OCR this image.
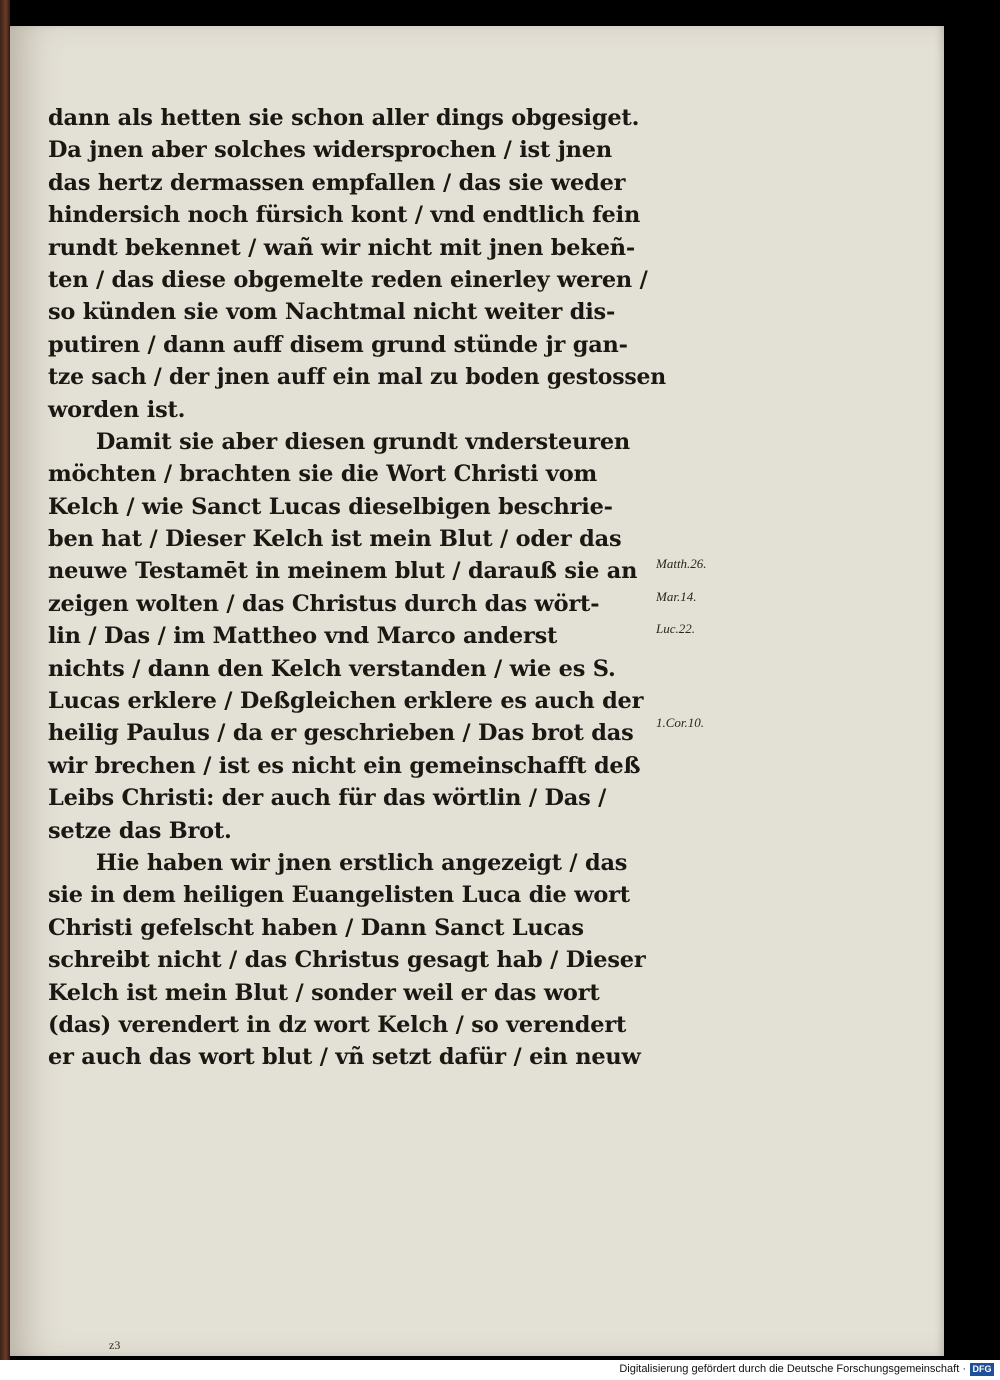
dann als hetten sie schon aller dings obgesiget.
Da jnen aber solches widersprochen / ist jnen
das hertz dermassen empfallen / das sie weder
hindersich noch fürsich kont / vnd endtlich fein
rundt bekennet / wañ wir nicht mit jnen bekeñ-
ten / das diese obgemelte reden einerley weren /
so künden sie vom Nachtmal nicht weiter dis-
putiren / dann auff disem grund stünde jr gan-
tze sach / der jnen auff ein mal zu boden gestossen
worden ist.
Damit sie aber diesen grundt vndersteuren
möchten / brachten sie die Wort Christi vom
Kelch / wie Sanct Lucas dieselbigen beschrie-
ben hat / Dieser Kelch ist mein Blut / oder das
neuwe Testamēt in meinem blut / darauß sie an
zeigen wolten / das Christus durch das wört-
lin / Das / im Mattheo vnd Marco anderst
nichts / dann den Kelch verstanden / wie es S.
Lucas erklere / Deßgleichen erklere es auch der
heilig Paulus / da er geschrieben / Das brot das
wir brechen / ist es nicht ein gemeinschafft deß
Leibs Christi: der auch für das wörtlin / Das /
setze das Brot.
Hie haben wir jnen erstlich angezeigt / das
sie in dem heiligen Euangelisten Luca die wort
Christi gefelscht haben / Dann Sanct Lucas
schreibt nicht / das Christus gesagt hab / Dieser
Kelch ist mein Blut / sonder weil er das wort
(das) verendert in dz wort Kelch / so verendert
er auch das wort blut / vñ setzt dafür / ein neuw
Matth.26.
Mar.14.
Luc.22.
1.Cor.10.
z3
Digitalisierung gefördert durch die Deutsche Forschungsgemeinschaft · DFG
